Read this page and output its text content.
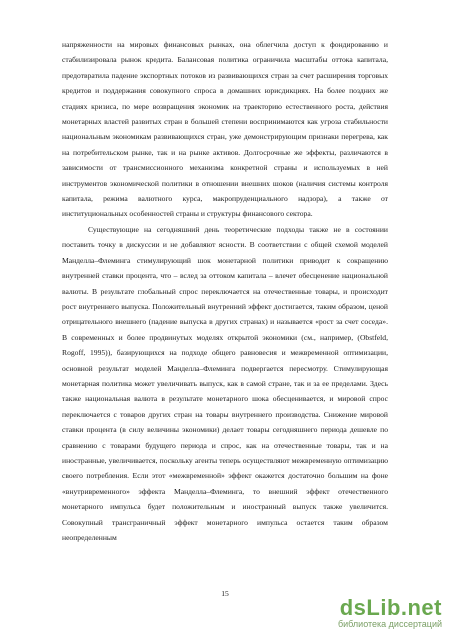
напряженности на мировых финансовых рынках, она облегчила доступ к фондированию и стабилизировала рынок кредита. Балансовая политика ограничила масштабы оттока капитала, предотвратила падение экспортных потоков из развивающихся стран за счет расширения торговых кредитов и поддержания совокупного спроса в домашних юрисдикциях. На более поздних же стадиях кризиса, по мере возвращения экономик на траекторию естественного роста, действия монетарных властей развитых стран в большей степени воспринимаются как угроза стабильности национальным экономикам развивающихся стран, уже демонстрирующим признаки перегрева, как на потребительском рынке, так и на рынке активов. Долгосрочные же эффекты, различаются в зависимости от трансмиссионного механизма конкретной страны и используемых в ней инструментов экономической политики в отношении внешних шоков (наличия системы контроля капитала, режима валютного курса, макропруденциального надзора), а также от институциональных особенностей страны и структуры финансового сектора.

Существующие на сегодняшний день теоретические подходы также не в состоянии поставить точку в дискуссии и не добавляют ясности. В соответствии с общей схемой моделей Манделла–Флеминга стимулирующий шок монетарной политики приводит к сокращению внутренней ставки процента, что – вслед за оттоком капитала – влечет обесценение национальной валюты. В результате глобальный спрос переключается на отечественные товары, и происходит рост внутреннего выпуска. Положительный внутренний эффект достигается, таким образом, ценой отрицательного внешнего (падение выпуска в других странах) и называется «рост за счет соседа». В современных и более продвинутых моделях открытой экономики (см., например, (Obstfeld, Rogoff, 1995)), базирующихся на подходе общего равновесия и межвременной оптимизации, основной результат моделей Манделла–Флеминга подвергается пересмотру. Стимулирующая монетарная политика может увеличивать выпуск, как в самой стране, так и за ее пределами. Здесь также национальная валюта в результате монетарного шока обесценивается, и мировой спрос переключается с товаров других стран на товары внутреннего производства. Снижение мировой ставки процента (в силу величины экономики) делает товары сегодняшнего периода дешевле по сравнению с товарами будущего периода и спрос, как на отечественные товары, так и на иностранные, увеличивается, поскольку агенты теперь осуществляют межвременную оптимизацию своего потребления. Если этот «межвременной» эффект окажется достаточно большим на фоне «внутривременного» эффекта Манделла–Флеминга, то внешний эффект отечественного монетарного импульса будет положительным и иностранный выпуск также увеличится. Совокупный трансграничный эффект монетарного импульса остается таким образом неопределенным

15
dsLib.net
библиотека диссертаций
